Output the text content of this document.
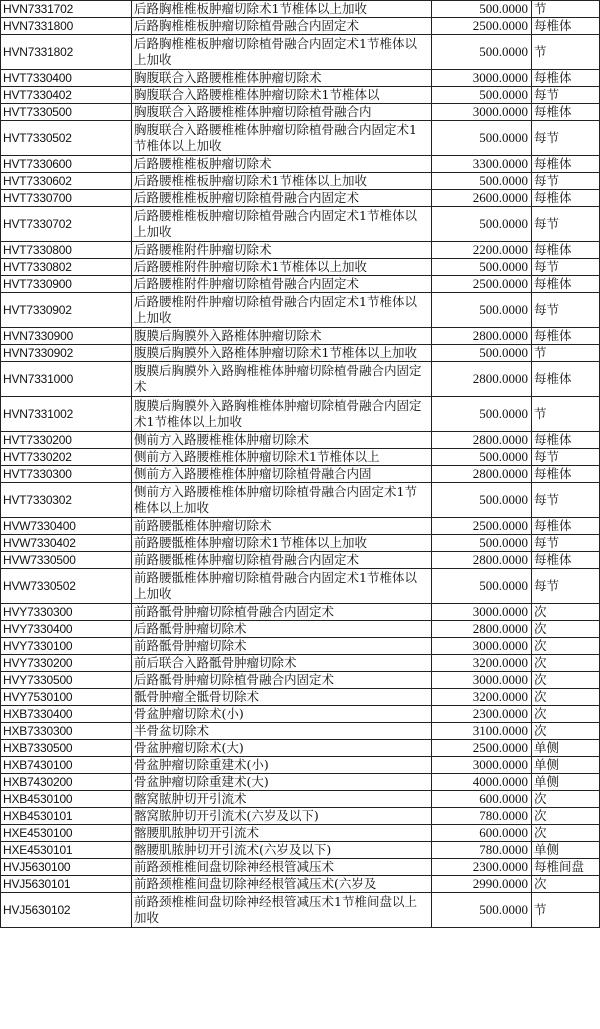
HVN7331702	后路胸椎椎板肿瘤切除术1节椎体以上加收	500.0000	节
HVN7331800	后路胸椎椎板肿瘤切除植骨融合内固定术	2500.0000	每椎体
HVN7331802	后路胸椎椎板肿瘤切除植骨融合内固定术1节椎体以上加收	500.0000	节
HVT7330400	胸腹联合入路腰椎椎体肿瘤切除术	3000.0000	每椎体
HVT7330402	胸腹联合入路腰椎椎体肿瘤切除术1节椎体以	500.0000	每节
HVT7330500	胸腹联合入路腰椎椎体肿瘤切除植骨融合内	3000.0000	每椎体
HVT7330502	胸腹联合入路腰椎椎体肿瘤切除植骨融合内固定术1节椎体以上加收	500.0000	每节
HVT7330600	后路腰椎椎板肿瘤切除术	3300.0000	每椎体
HVT7330602	后路腰椎椎板肿瘤切除术1节椎体以上加收	500.0000	每节
HVT7330700	后路腰椎椎板肿瘤切除植骨融合内固定术	2600.0000	每椎体
HVT7330702	后路腰椎椎板肿瘤切除植骨融合内固定术1节椎体以上加收	500.0000	每节
HVT7330800	后路腰椎附件肿瘤切除术	2200.0000	每椎体
HVT7330802	后路腰椎附件肿瘤切除术1节椎体以上加收	500.0000	每节
HVT7330900	后路腰椎附件肿瘤切除植骨融合内固定术	2500.0000	每椎体
HVT7330902	后路腰椎附件肿瘤切除植骨融合内固定术1节椎体以上加收	500.0000	每节
HVN7330900	腹膜后胸膜外入路椎体肿瘤切除术	2800.0000	每椎体
HVN7330902	腹膜后胸膜外入路椎体肿瘤切除术1节椎体以上加收	500.0000	节
HVN7331000	腹膜后胸膜外入路胸椎椎体肿瘤切除植骨融合内固定术	2800.0000	每椎体
HVN7331002	腹膜后胸膜外入路胸椎椎体肿瘤切除植骨融合内固定术1节椎体以上加收	500.0000	节
HVT7330200	侧前方入路腰椎椎体肿瘤切除术	2800.0000	每椎体
HVT7330202	侧前方入路腰椎椎体肿瘤切除术1节椎体以上	500.0000	每节
HVT7330300	侧前方入路腰椎椎体肿瘤切除植骨融合内固	2800.0000	每椎体
HVT7330302	侧前方入路腰椎椎体肿瘤切除植骨融合内固定术1节椎体以上加收	500.0000	每节
HVW7330400	前路腰骶椎体肿瘤切除术	2500.0000	每椎体
HVW7330402	前路腰骶椎体肿瘤切除术1节椎体以上加收	500.0000	每节
HVW7330500	前路腰骶椎体肿瘤切除植骨融合内固定术	2800.0000	每椎体
HVW7330502	前路腰骶椎体肿瘤切除植骨融合内固定术1节椎体以上加收	500.0000	每节
HVY7330300	前路骶骨肿瘤切除植骨融合内固定术	3000.0000	次
HVY7330400	后路骶骨肿瘤切除术	2800.0000	次
HVY7330100	前路骶骨肿瘤切除术	3000.0000	次
HVY7330200	前后联合入路骶骨肿瘤切除术	3200.0000	次
HVY7330500	后路骶骨肿瘤切除植骨融合内固定术	3000.0000	次
HVY7530100	骶骨肿瘤全骶骨切除术	3200.0000	次
HXB7330400	骨盆肿瘤切除术(小)	2300.0000	次
HXB7330300	半骨盆切除术	3100.0000	次
HXB7330500	骨盆肿瘤切除术(大)	2500.0000	单侧
HXB7430100	骨盆肿瘤切除重建术(小)	3000.0000	单侧
HXB7430200	骨盆肿瘤切除重建术(大)	4000.0000	单侧
HXB4530100	髂窝脓肿切开引流术	600.0000	次
HXB4530101	髂窝脓肿切开引流术(六岁及以下)	780.0000	次
HXE4530100	髂腰肌脓肿切开引流术	600.0000	次
HXE4530101	髂腰肌脓肿切开引流术(六岁及以下)	780.0000	单侧
HVJ5630100	前路颈椎椎间盘切除神经根管减压术	2300.0000	每椎间盘
HVJ5630101	前路颈椎椎间盘切除神经根管减压术(六岁及	2990.0000	次
HVJ5630102	前路颈椎椎间盘切除神经根管减压术1节椎间盘以上加收	500.0000	节
